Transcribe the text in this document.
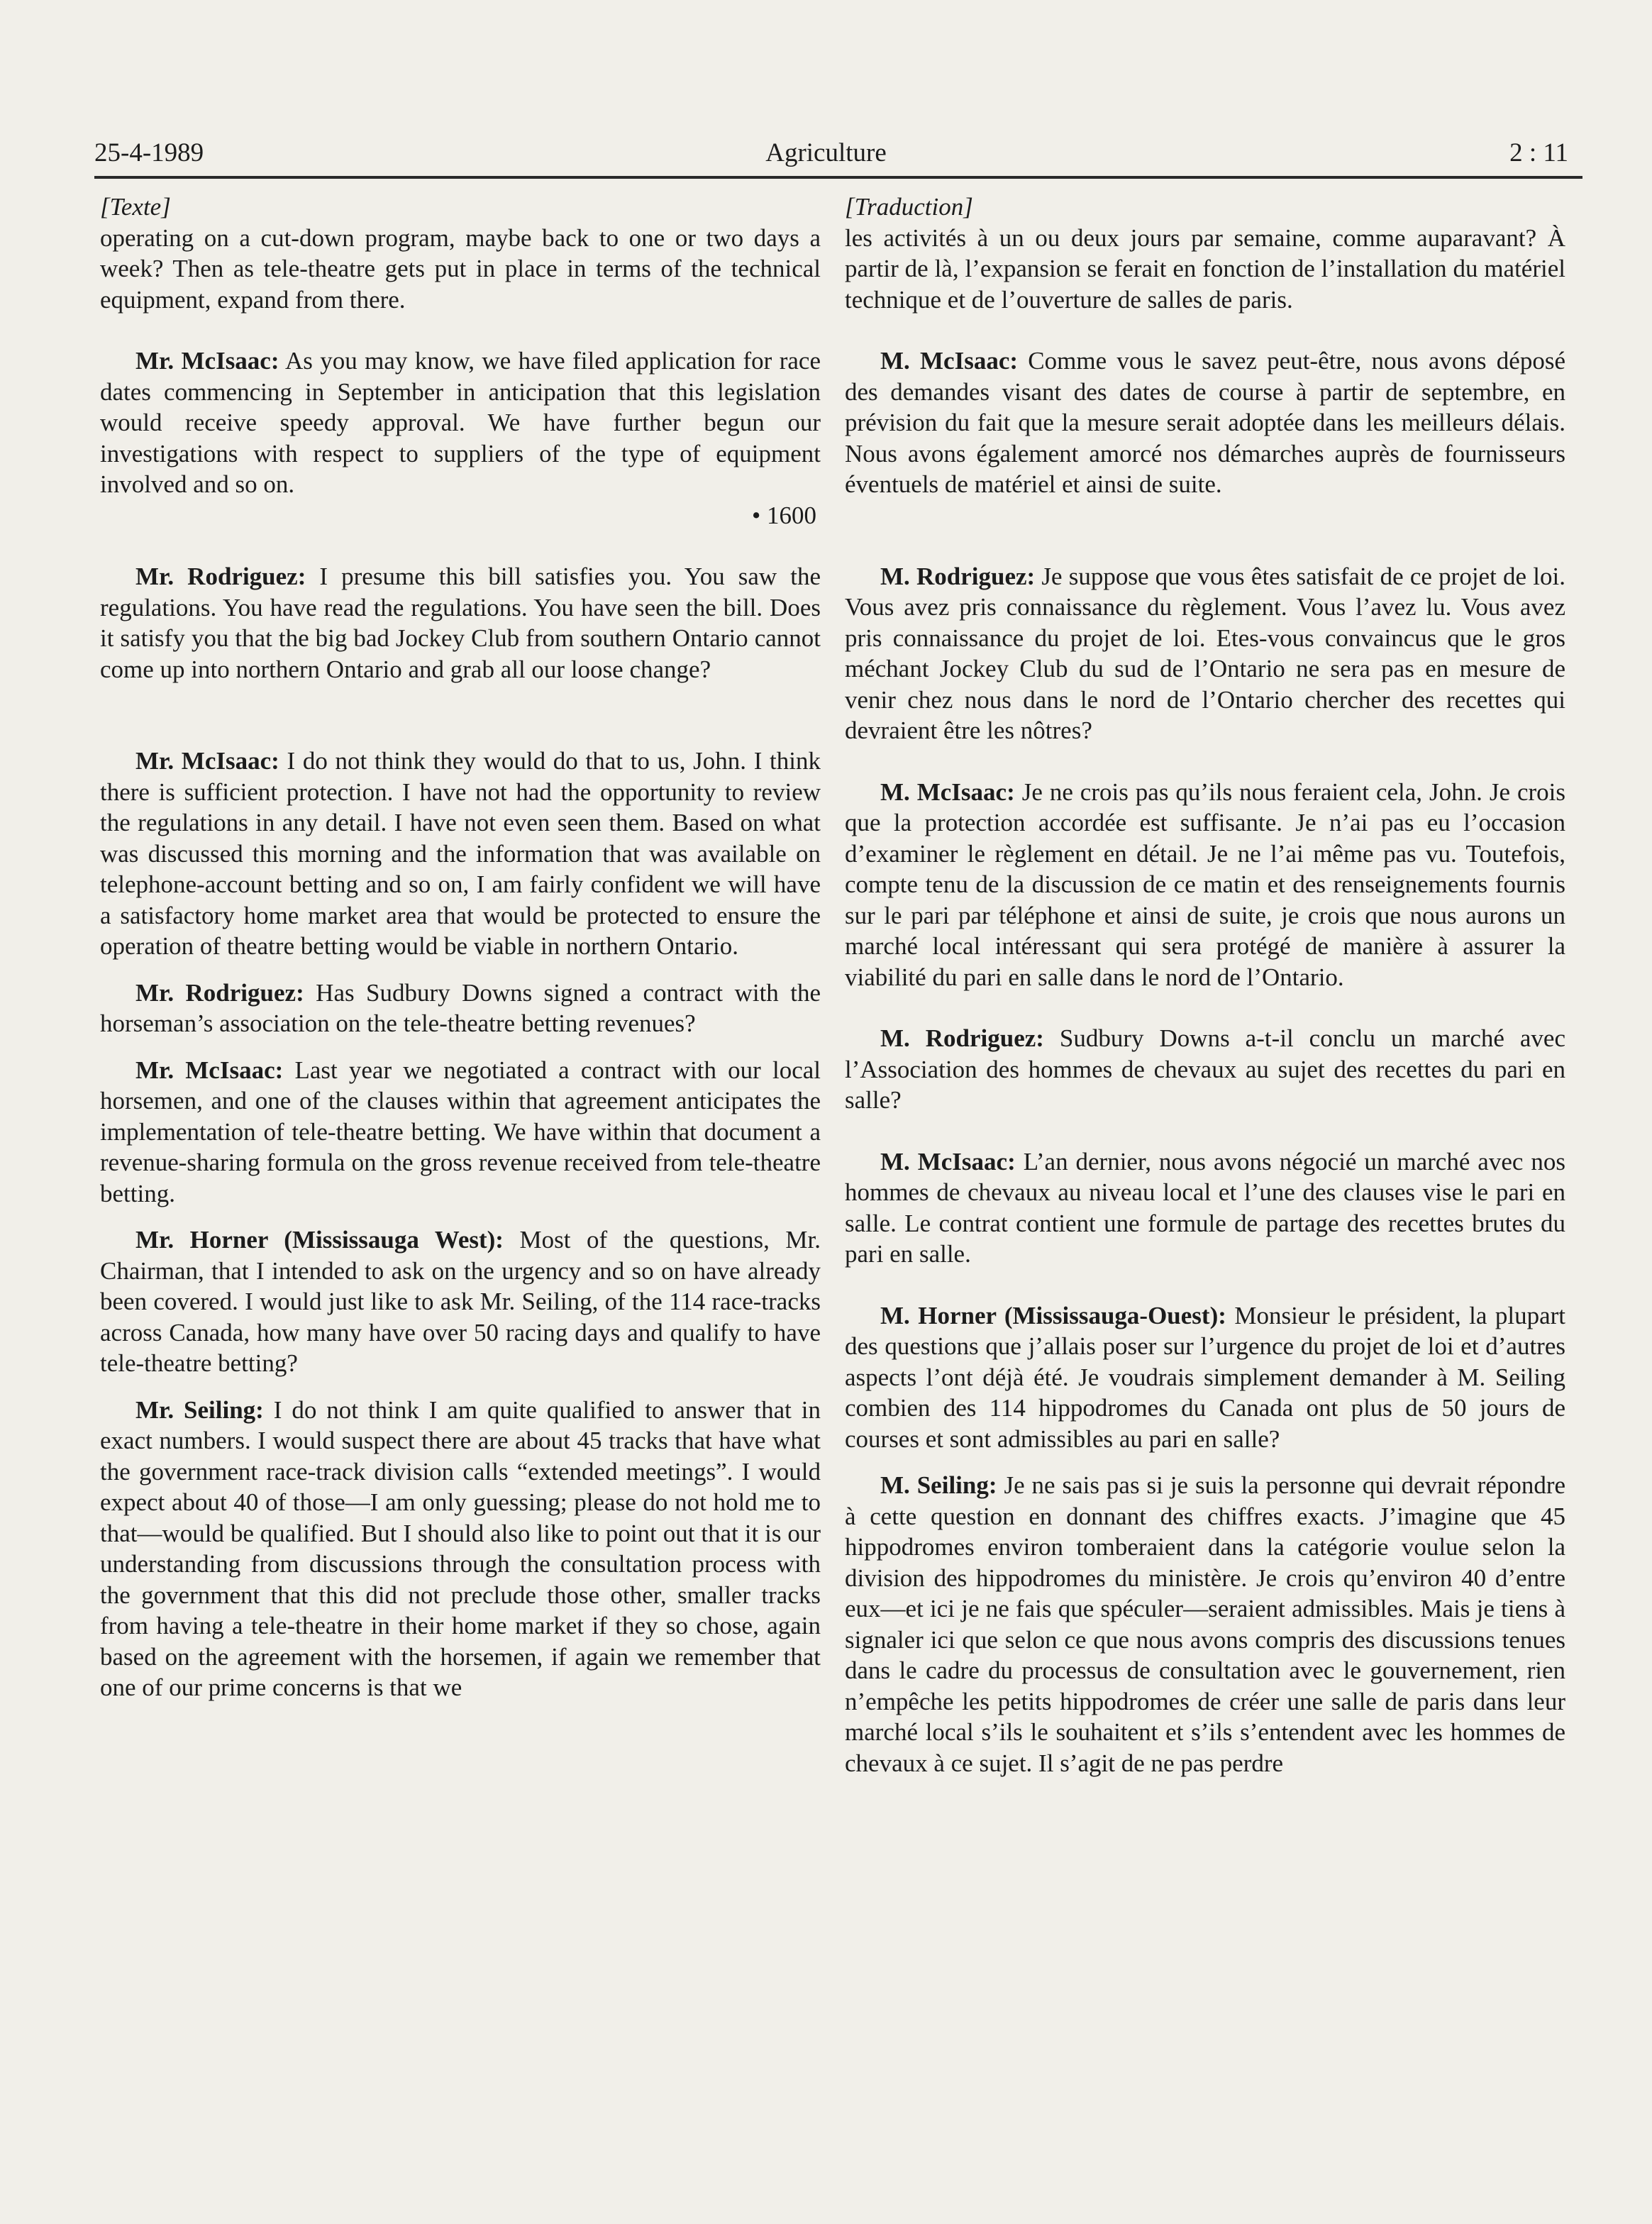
25-4-1989	Agriculture	2 : 11
[Texte]

operating on a cut-down program, maybe back to one or two days a week? Then as tele-theatre gets put in place in terms of the technical equipment, expand from there.

Mr. McIsaac: As you may know, we have filed application for race dates commencing in September in anticipation that this legislation would receive speedy approval. We have further begun our investigations with respect to suppliers of the type of equipment involved and so on.

• 1600

Mr. Rodriguez: I presume this bill satisfies you. You saw the regulations. You have read the regulations. You have seen the bill. Does it satisfy you that the big bad Jockey Club from southern Ontario cannot come up into northern Ontario and grab all our loose change?

Mr. McIsaac: I do not think they would do that to us, John. I think there is sufficient protection. I have not had the opportunity to review the regulations in any detail. I have not even seen them. Based on what was discussed this morning and the information that was available on telephone-account betting and so on, I am fairly confident we will have a satisfactory home market area that would be protected to ensure the operation of theatre betting would be viable in northern Ontario.

Mr. Rodriguez: Has Sudbury Downs signed a contract with the horseman’s association on the tele-theatre betting revenues?

Mr. McIsaac: Last year we negotiated a contract with our local horsemen, and one of the clauses within that agreement anticipates the implementation of tele-theatre betting. We have within that document a revenue-sharing formula on the gross revenue received from tele-theatre betting.

Mr. Horner (Mississauga West): Most of the questions, Mr. Chairman, that I intended to ask on the urgency and so on have already been covered. I would just like to ask Mr. Seiling, of the 114 race-tracks across Canada, how many have over 50 racing days and qualify to have tele-theatre betting?

Mr. Seiling: I do not think I am quite qualified to answer that in exact numbers. I would suspect there are about 45 tracks that have what the government race-track division calls “extended meetings”. I would expect about 40 of those—I am only guessing; please do not hold me to that—would be qualified. But I should also like to point out that it is our understanding from discussions through the consultation process with the government that this did not preclude those other, smaller tracks from having a tele-theatre in their home market if they so chose, again based on the agreement with the horsemen, if again we remember that one of our prime concerns is that we

[Traduction]

les activités à un ou deux jours par semaine, comme auparavant? À partir de là, l’expansion se ferait en fonction de l’installation du matériel technique et de l’ouverture de salles de paris.

M. McIsaac: Comme vous le savez peut-être, nous avons déposé des demandes visant des dates de course à partir de septembre, en prévision du fait que la mesure serait adoptée dans les meilleurs délais. Nous avons également amorcé nos démarches auprès de fournisseurs éventuels de matériel et ainsi de suite.

M. Rodriguez: Je suppose que vous êtes satisfait de ce projet de loi. Vous avez pris connaissance du règlement. Vous l’avez lu. Vous avez pris connaissance du projet de loi. Etes-vous convaincus que le gros méchant Jockey Club du sud de l’Ontario ne sera pas en mesure de venir chez nous dans le nord de l’Ontario chercher des recettes qui devraient être les nôtres?

M. McIsaac: Je ne crois pas qu’ils nous feraient cela, John. Je crois que la protection accordée est suffisante. Je n’ai pas eu l’occasion d’examiner le règlement en détail. Je ne l’ai même pas vu. Toutefois, compte tenu de la discussion de ce matin et des renseignements fournis sur le pari par téléphone et ainsi de suite, je crois que nous aurons un marché local intéressant qui sera protégé de manière à assurer la viabilité du pari en salle dans le nord de l’Ontario.

M. Rodriguez: Sudbury Downs a-t-il conclu un marché avec l’Association des hommes de chevaux au sujet des recettes du pari en salle?

M. McIsaac: L’an dernier, nous avons négocié un marché avec nos hommes de chevaux au niveau local et l’une des clauses vise le pari en salle. Le contrat contient une formule de partage des recettes brutes du pari en salle.

M. Horner (Mississauga-Ouest): Monsieur le président, la plupart des questions que j’allais poser sur l’urgence du projet de loi et d’autres aspects l’ont déjà été. Je voudrais simplement demander à M. Seiling combien des 114 hippodromes du Canada ont plus de 50 jours de courses et sont admissibles au pari en salle?

M. Seiling: Je ne sais pas si je suis la personne qui devrait répondre à cette question en donnant des chiffres exacts. J’imagine que 45 hippodromes environ tomberaient dans la catégorie voulue selon la division des hippodromes du ministère. Je crois qu’environ 40 d’entre eux—et ici je ne fais que spéculer—seraient admissibles. Mais je tiens à signaler ici que selon ce que nous avons compris des discussions tenues dans le cadre du processus de consultation avec le gouvernement, rien n’empêche les petits hippodromes de créer une salle de paris dans leur marché local s’ils le souhaitent et s’ils s’entendent avec les hommes de chevaux à ce sujet. Il s’agit de ne pas perdre
